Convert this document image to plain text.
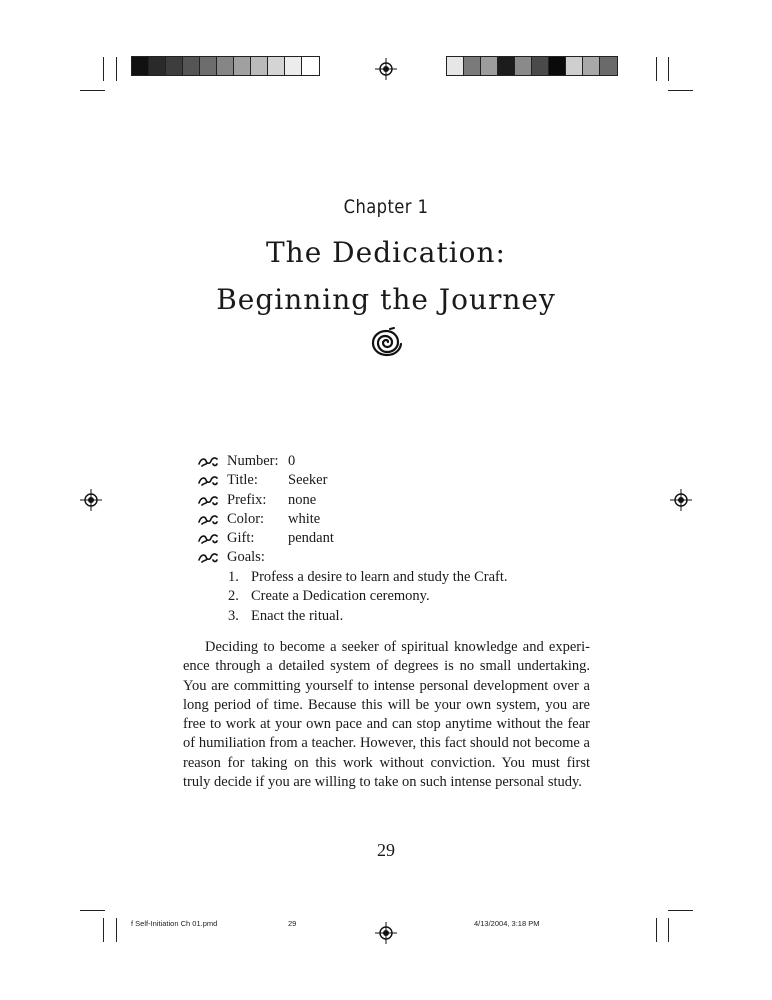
Chapter 1
The Dedication:
Beginning the Journey
Number: 0
Title: Seeker
Prefix: none
Color: white
Gift: pendant
Goals:
1. Profess a desire to learn and study the Craft.
2. Create a Dedication ceremony.
3. Enact the ritual.

Deciding to become a seeker of spiritual knowledge and experience through a detailed system of degrees is no small undertaking. You are committing yourself to intense personal development over a long period of time. Because this will be your own system, you are free to work at your own pace and can stop anytime without the fear of humiliation from a teacher. However, this fact should not become a reason for taking on this work without conviction. You must first truly decide if you are willing to take on such intense personal study.

29
f Self-Initiation Ch 01.pmd	29	4/13/2004, 3:18 PM
